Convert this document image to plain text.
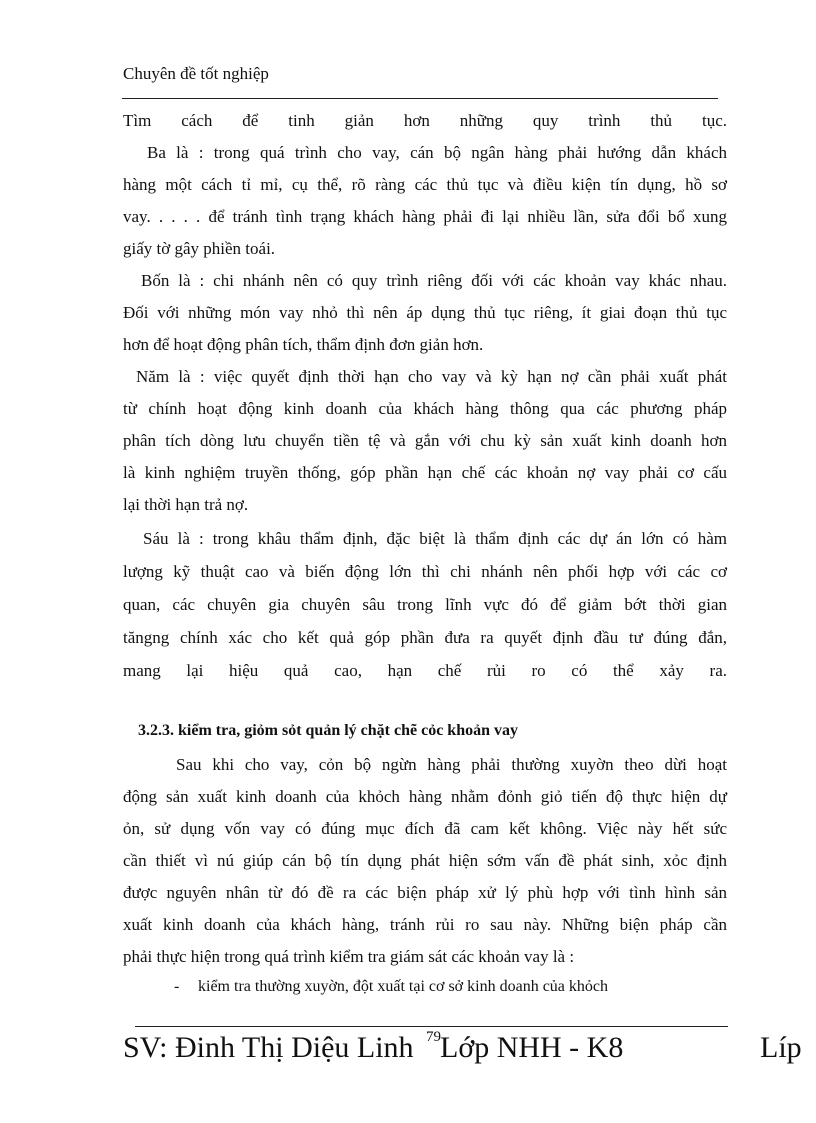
Chuyên đề tốt nghiệp
Tìm cách để tinh giản hơn những quy trình thủ tục.
Ba là : trong quá trình cho vay, cán bộ ngân hàng phải hướng dẫn khách
hàng một cách tỉ mỉ, cụ thể, rõ ràng các thủ tục và điều kiện tín dụng, hồ sơ
vay. . . . . để tránh tình trạng khách hàng phải đi lại nhiều lần, sửa đổi bổ xung
giấy tờ gây phiền toái.
Bốn là : chi nhánh nên có quy trình riêng đối với các khoản vay khác nhau.
Đối với những món vay nhỏ thì nên áp dụng thủ tục riêng, ít giai đoạn thủ tục
hơn để hoạt động phân tích, thẩm định đơn giản hơn.
Năm là : việc quyết định thời hạn cho vay và kỳ hạn nợ cần phải xuất phát
từ chính hoạt động kinh doanh của khách hàng thông qua các phương pháp
phân tích dòng lưu chuyển tiền tệ và gắn với chu kỳ sản xuất kinh doanh hơn
là kinh nghiệm truyền thống, góp phần hạn chế các khoản nợ vay phải cơ cấu
lại thời hạn trả nợ.
Sáu là : trong khâu thẩm định, đặc biệt là thẩm định các dự án lớn có hàm
lượng kỹ thuật cao và biến động lớn thì chi nhánh nên phối hợp với các cơ
quan, các chuyên gia chuyên sâu trong lĩnh vực đó để giảm bớt thời gian
tăngng chính xác cho kết quả góp phần đưa ra quyết định đầu tư đúng đắn,
mang lại hiệu quả cao, hạn chế rủi ro có thể xảy ra.
3.2.3. kiểm tra, giỏm sỏt quản lý chặt chẽ cỏc khoản vay
Sau khi cho vay, cỏn bộ ngừn hàng phải thường xuyờn theo dừi hoạt
động sản xuất kinh doanh của khỏch hàng nhằm đỏnh giỏ tiến độ thực hiện dự
ỏn, sử dụng vốn vay có đúng mục đích đã cam kết không. Việc này hết sức
cần thiết vì nú giúp cán bộ tín dụng phát hiện sớm vấn đề phát sinh, xỏc định
được nguyên nhân từ đó đề ra các biện pháp xử lý phù hợp với tình hình sản
xuất kinh doanh của khách hàng, tránh rủi ro sau này. Những biện pháp cần
phải thực hiện trong quá trình kiểm tra giám sát các khoản vay là :
- kiểm tra thường xuyờn, đột xuất tại cơ sở kinh doanh của khỏch
SV: Đinh Thị Diệu Linh 79 Lớp NHH - K8	Líp
